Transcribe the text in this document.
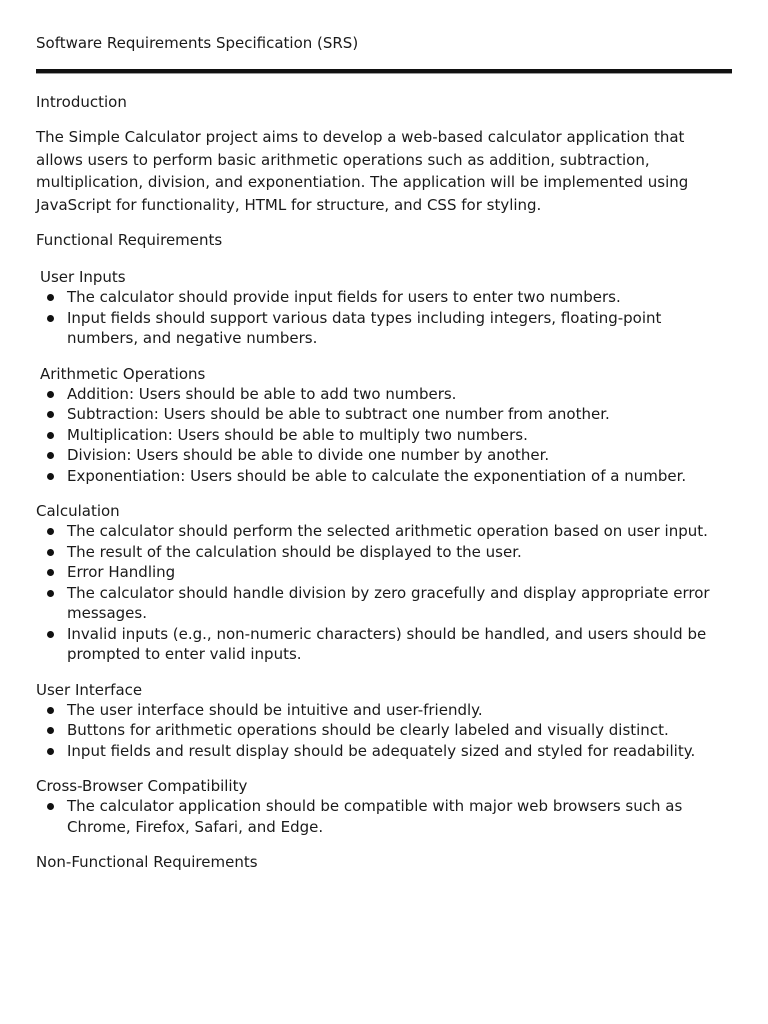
Software Requirements Specification (SRS)
Introduction

The Simple Calculator project aims to develop a web-based calculator application that allows users to perform basic arithmetic operations such as addition, subtraction, multiplication, division, and exponentiation. The application will be implemented using JavaScript for functionality, HTML for structure, and CSS for styling.

Functional Requirements
User Inputs
The calculator should provide input fields for users to enter two numbers.
Input fields should support various data types including integers, floating-point numbers, and negative numbers.
Arithmetic Operations
Addition: Users should be able to add two numbers.
Subtraction: Users should be able to subtract one number from another.
Multiplication: Users should be able to multiply two numbers.
Division: Users should be able to divide one number by another.
Exponentiation: Users should be able to calculate the exponentiation of a number.
Calculation
The calculator should perform the selected arithmetic operation based on user input.
The result of the calculation should be displayed to the user.
Error Handling
The calculator should handle division by zero gracefully and display appropriate error messages.
Invalid inputs (e.g., non-numeric characters) should be handled, and users should be prompted to enter valid inputs.
User Interface
The user interface should be intuitive and user-friendly.
Buttons for arithmetic operations should be clearly labeled and visually distinct.
Input fields and result display should be adequately sized and styled for readability.
Cross-Browser Compatibility
The calculator application should be compatible with major web browsers such as Chrome, Firefox, Safari, and Edge.
Non-Functional Requirements
